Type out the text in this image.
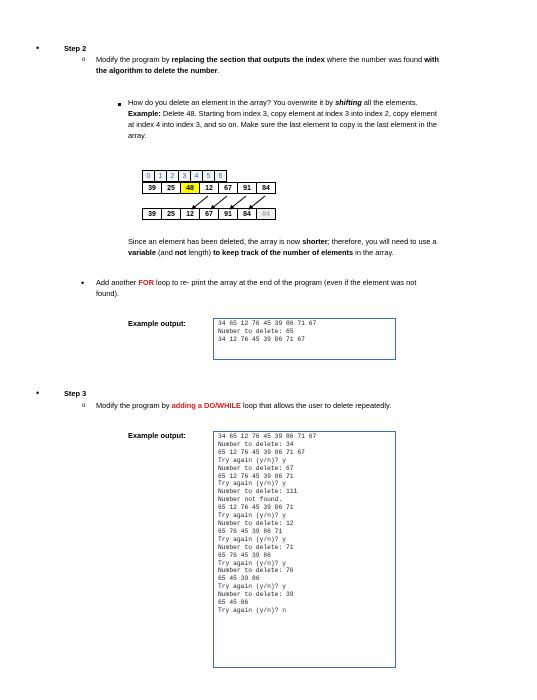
•	Step 2
o Modify the program by replacing the section that outputs the index where the number was found with
the algorithm to delete the number.
How do you delete an element in the array? You overwrite it by shifting all the elements.
Example: Delete 48. Starting from index 3, copy element at index 3 into index 2, copy element
at index 4 into index 3, and so on. Make sure the last element to copy is the last element in the
array.
0	1	2	3	4	5	6
39	25	48	12	67	91	84
39	25	12	67	91	84	84
Since an element has been deleted, the array is now shorter; therefore, you will need to use a
variable (and not length) to keep track of the number of elements in the array.
• Add another FOR loop to re- print the array at the end of the program (even if the element was not
found).
Example output:	34 65 12 76 45 39 86 71 67
Number to delete: 65
34 12 76 45 39 86 71 67
•	Step 3
o Modify the program by adding a DO/WHILE loop that allows the user to delete repeatedly.
Example output:	34 65 12 76 45 39 86 71 67
Number to delete: 34
65 12 76 45 39 86 71 67
Try again (y/n)? y
Number to delete: 67
65 12 76 45 39 86 71
Try again (y/n)? y
Number to delete: 111
Number not found.
65 12 76 45 39 86 71
Try again (y/n)? y
Number to delete: 12
65 76 45 39 86 71
Try again (y/n)? y
Number to delete: 71
65 76 45 39 86
Try again (y/n)? y
Number to delete: 76
65 45 39 86
Try again (y/n)? y
Number to delete: 39
65 45 86
Try again (y/n)? n
